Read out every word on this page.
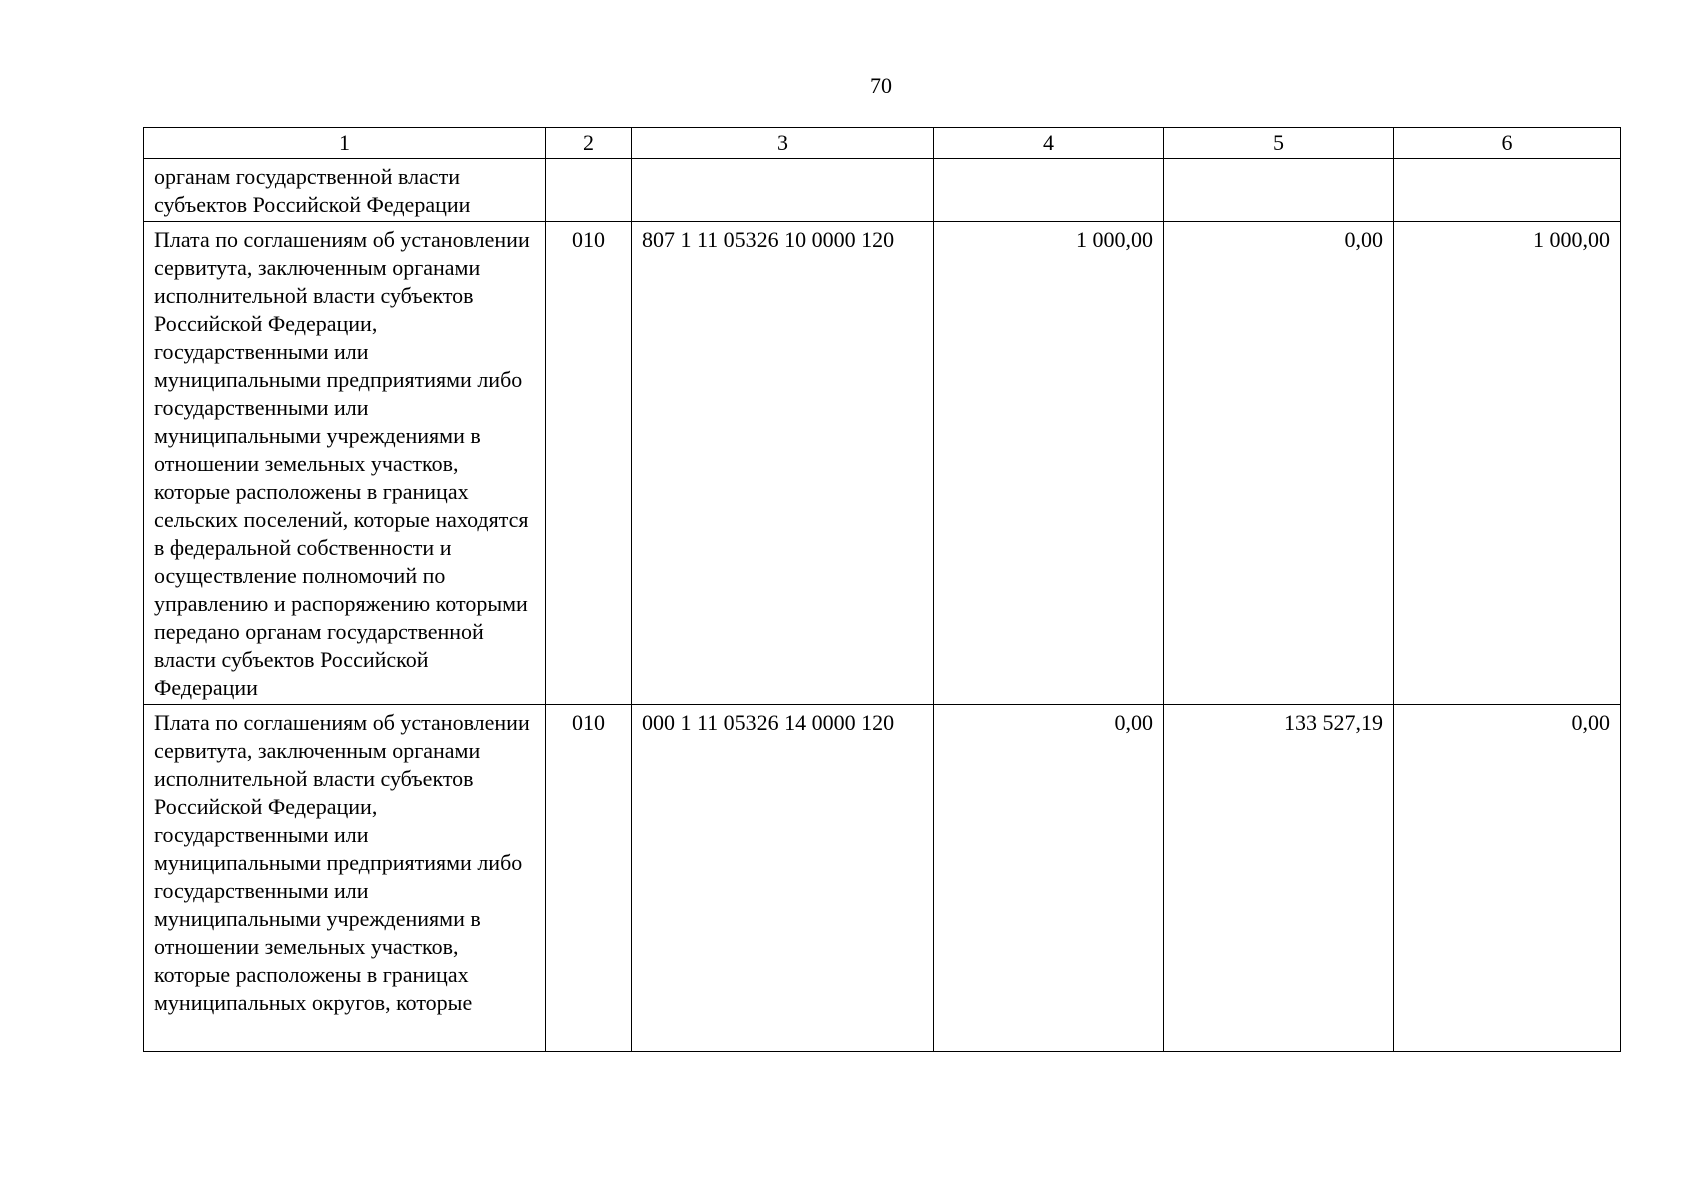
70
1	2	3	4	5	6
органам государственной власти субъектов Российской Федерации					
Плата по соглашениям об установлении сервитута, заключенным органами исполнительной власти субъектов Российской Федерации, государственными или муниципальными предприятиями либо государственными или муниципальными учреждениями в отношении земельных участков, которые расположены в границах сельских поселений, которые находятся в федеральной собственности и осуществление полномочий по управлению и распоряжению которыми передано органам государственной власти субъектов Российской Федерации	010	807 1 11 05326 10 0000 120	1 000,00	0,00	1 000,00
Плата по соглашениям об установлении сервитута, заключенным органами исполнительной власти субъектов Российской Федерации, государственными или муниципальными предприятиями либо государственными или муниципальными учреждениями в отношении земельных участков, которые расположены в границах муниципальных округов, которые	010	000 1 11 05326 14 0000 120	0,00	133 527,19	0,00
